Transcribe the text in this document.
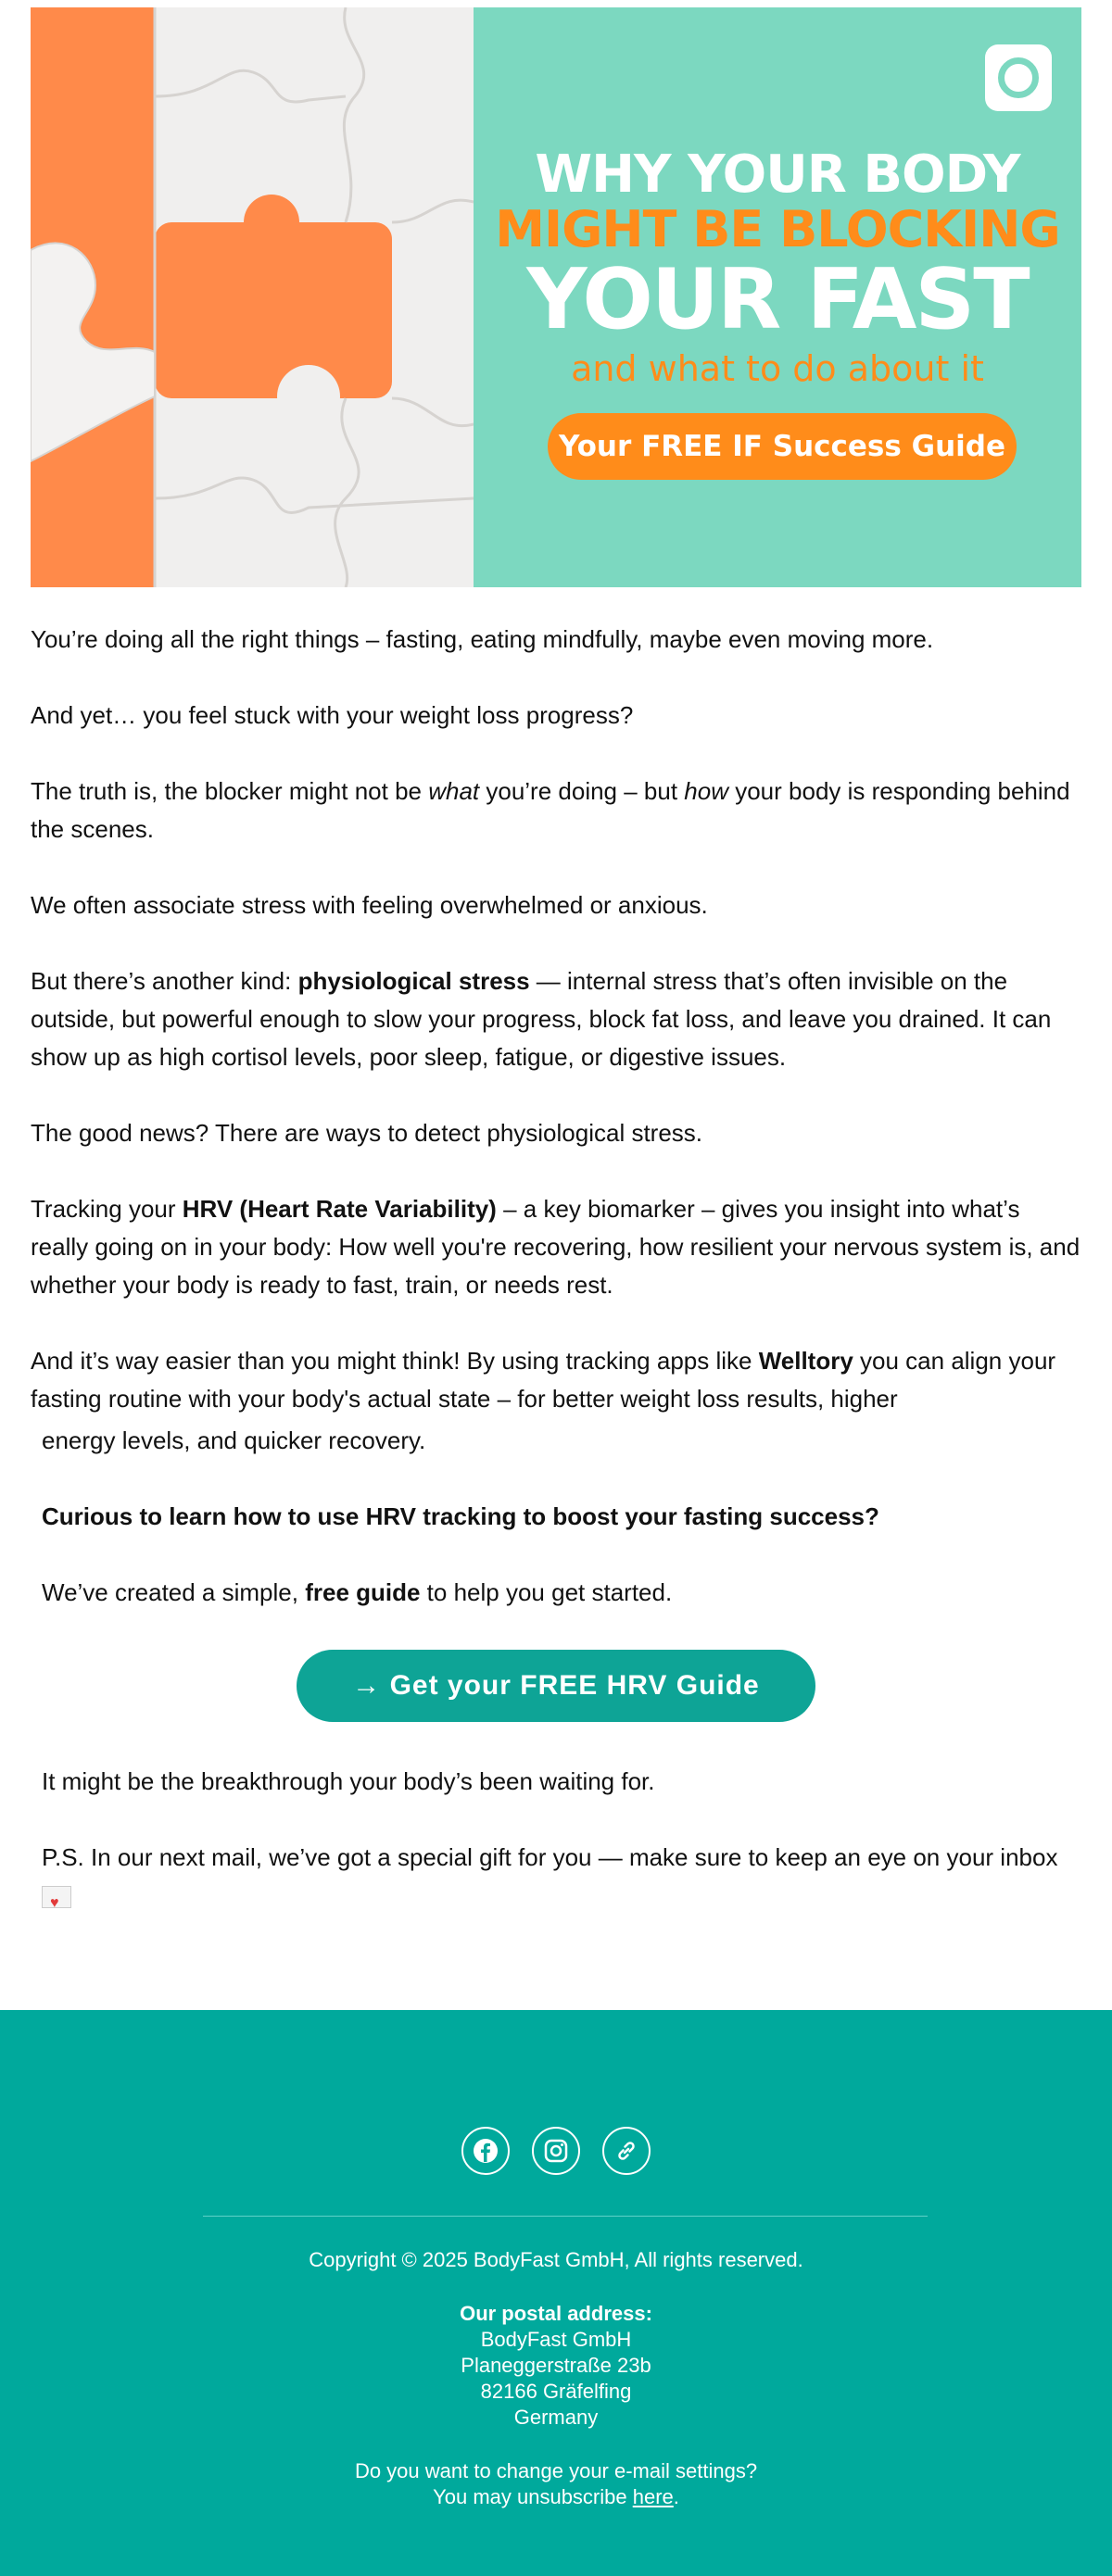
WHY YOUR BODY
MIGHT BE BLOCKING
YOUR FAST
and what to do about it
Your FREE IF Success Guide

You’re doing all the right things – fasting, eating mindfully, maybe even moving more.

And yet… you feel stuck with your weight loss progress?

The truth is, the blocker might not be what you’re doing – but how your body is responding behind the scenes.

We often associate stress with feeling overwhelmed or anxious.

But there’s another kind: physiological stress — internal stress that’s often invisible on the outside, but powerful enough to slow your progress, block fat loss, and leave you drained. It can show up as high cortisol levels, poor sleep, fatigue, or digestive issues.

The good news? There are ways to detect physiological stress.

Tracking your HRV (Heart Rate Variability) – a key biomarker – gives you insight into what’s really going on in your body: How well you're recovering, how resilient your nervous system is, and whether your body is ready to fast, train, or needs rest.

And it’s way easier than you might think! By using tracking apps like Welltory you can align your fasting routine with your body's actual state – for better weight loss results, higher

energy levels, and quicker recovery.

Curious to learn how to use HRV tracking to boost your fasting success?

We’ve created a simple, free guide to help you get started.

→ Get your FREE HRV Guide

It might be the breakthrough your body’s been waiting for.

P.S. In our next mail, we’ve got a special gift for you — make sure to keep an eye on your inbox ♥

Copyright © 2025 BodyFast GmbH, All rights reserved.
Our postal address:
BodyFast GmbH
Planeggerstraße 23b
82166 Gräfelfing
Germany
Do you want to change your e-mail settings?
You may unsubscribe here.
